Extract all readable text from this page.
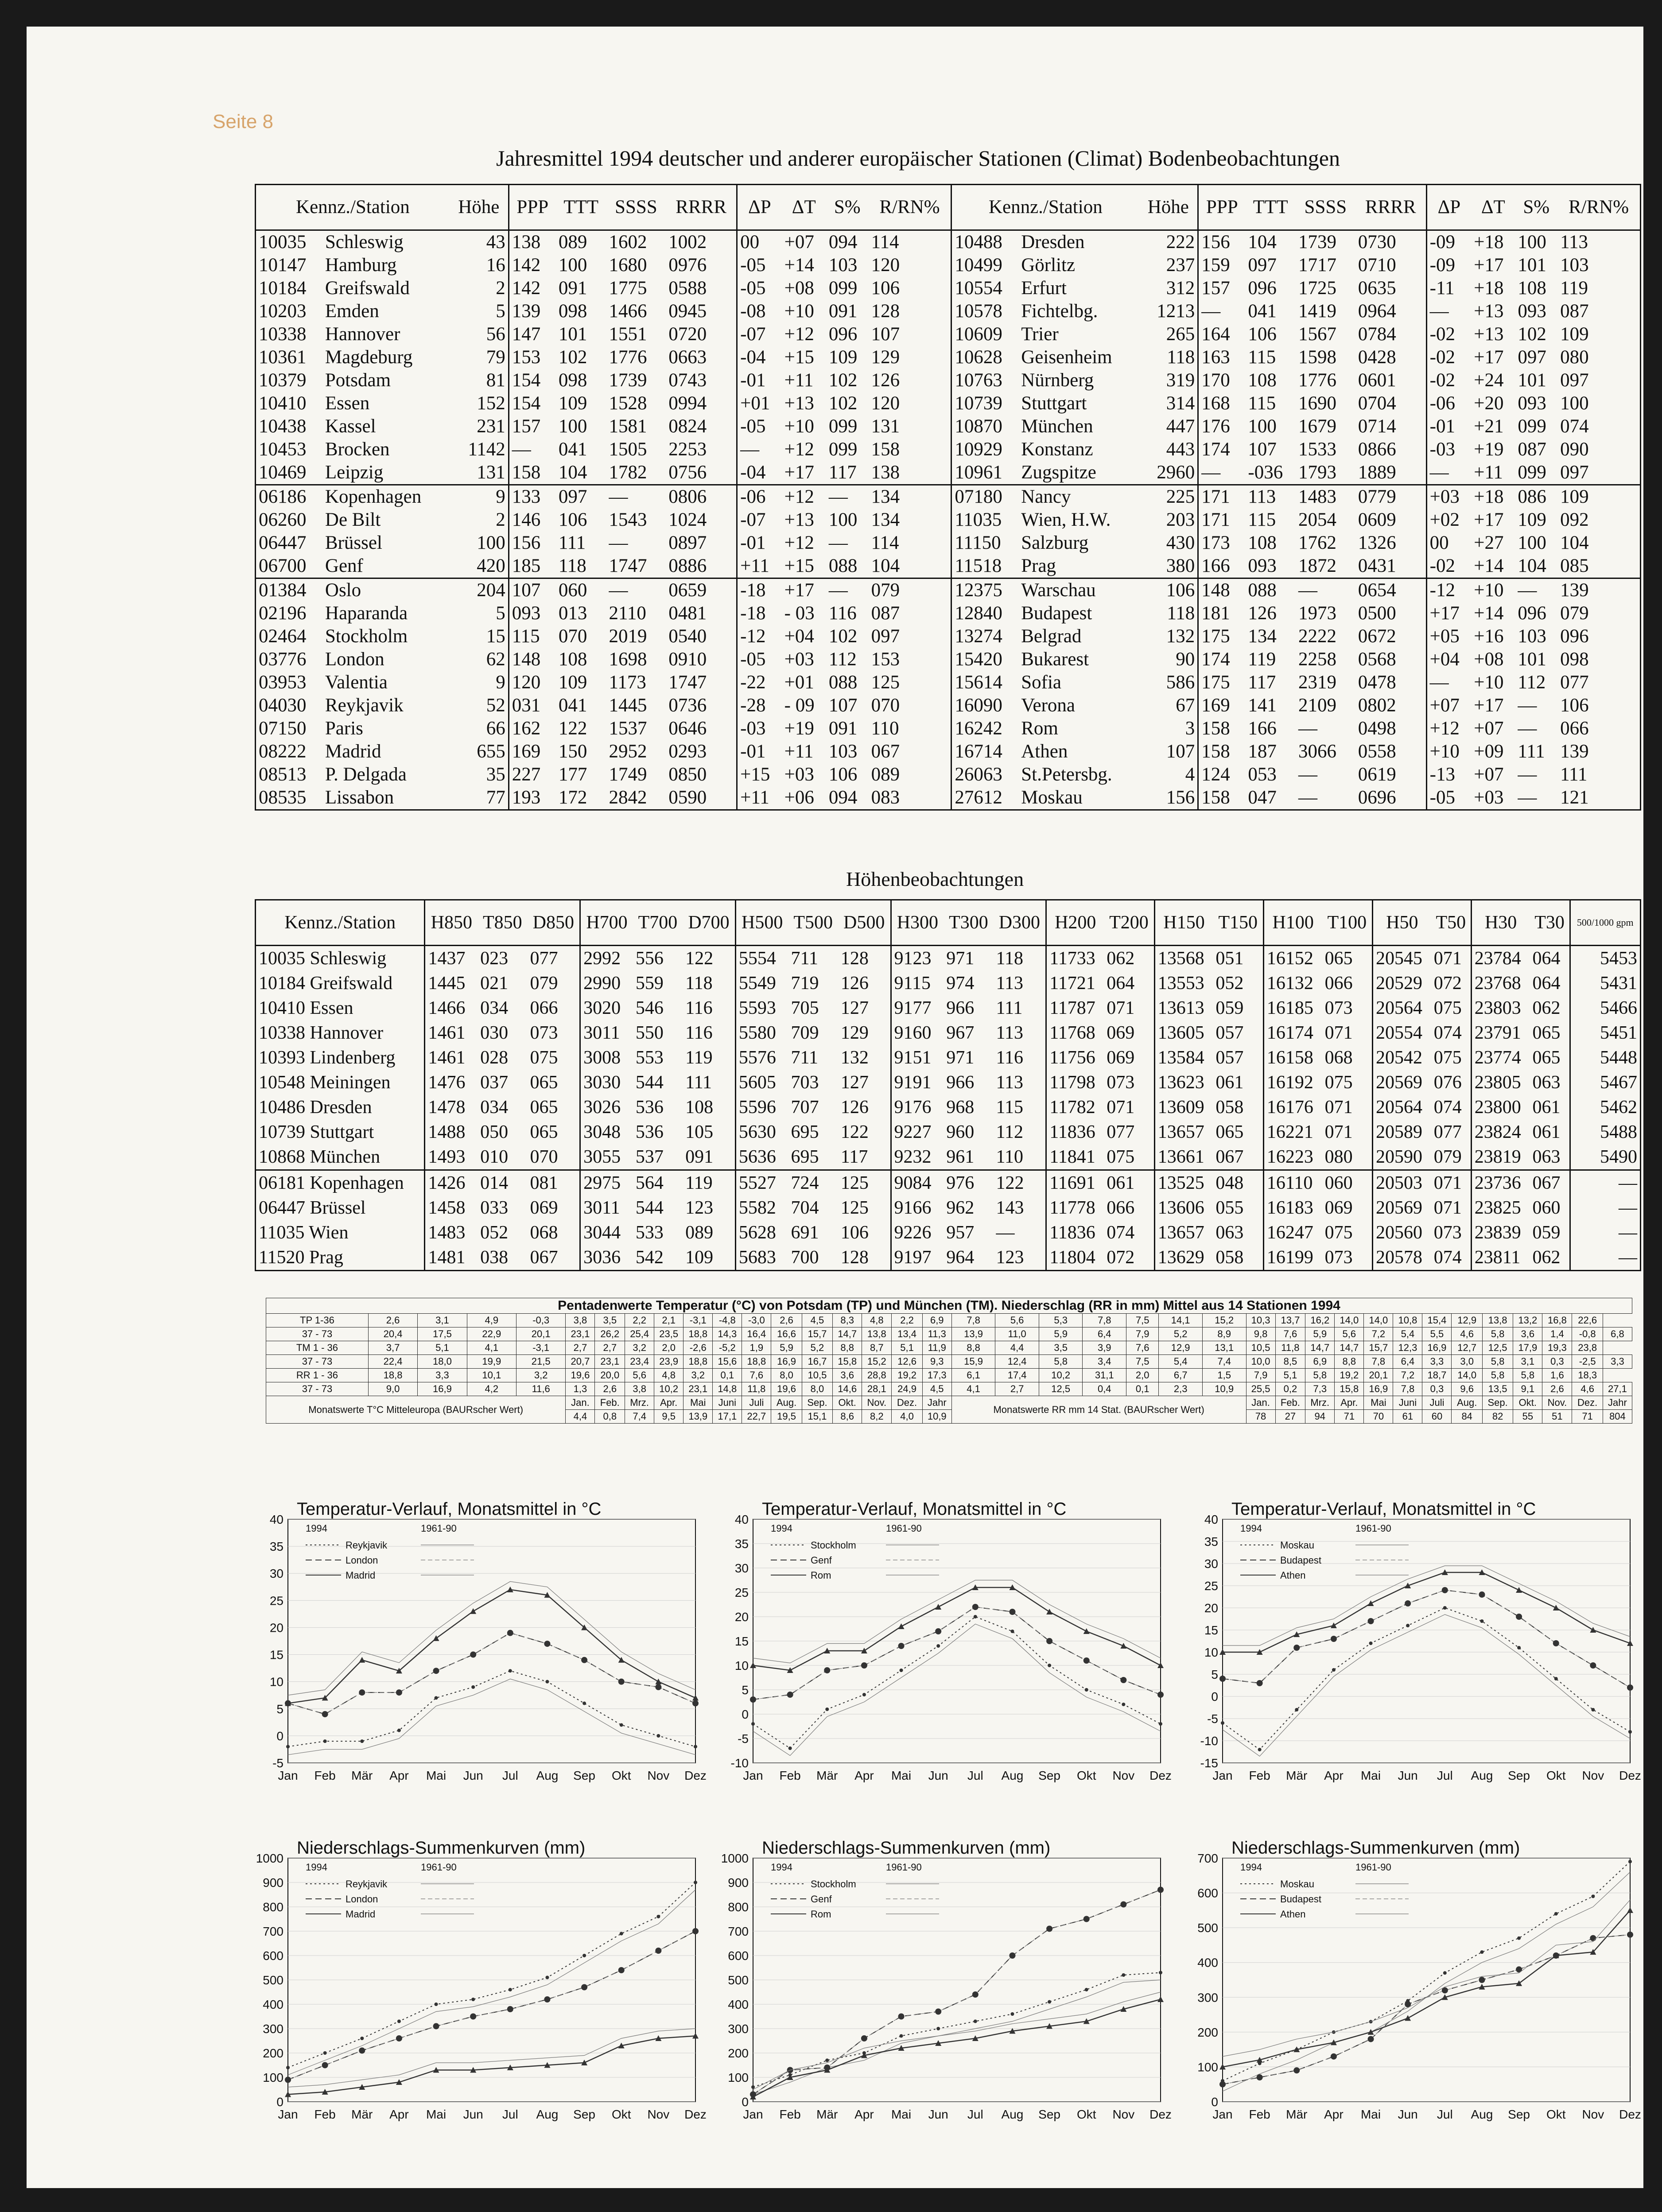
Seite 8
Jahresmittel 1994 deutscher und anderer europäischer Stationen (Climat) Bodenbeobachtungen
Kennz./Station		Höhe	PPP	TTT	SSSS	RRRR	ΔP	ΔT	S%	R/RN%	Kennz./Station		Höhe	PPP	TTT	SSSS	RRRR	ΔP	ΔT	S%	R/RN%
10035	Schleswig	43	138	089	1602	1002	00	+07	094	114	10488	Dresden	222	156	104	1739	0730	-09	+18	100	113
10147	Hamburg	16	142	100	1680	0976	-05	+14	103	120	10499	Görlitz	237	159	097	1717	0710	-09	+17	101	103
10184	Greifswald	2	142	091	1775	0588	-05	+08	099	106	10554	Erfurt	312	157	096	1725	0635	-11	+18	108	119
10203	Emden	5	139	098	1466	0945	-08	+10	091	128	10578	Fichtelbg.	1213	—	041	1419	0964	—	+13	093	087
10338	Hannover	56	147	101	1551	0720	-07	+12	096	107	10609	Trier	265	164	106	1567	0784	-02	+13	102	109
10361	Magdeburg	79	153	102	1776	0663	-04	+15	109	129	10628	Geisenheim	118	163	115	1598	0428	-02	+17	097	080
10379	Potsdam	81	154	098	1739	0743	-01	+11	102	126	10763	Nürnberg	319	170	108	1776	0601	-02	+24	101	097
10410	Essen	152	154	109	1528	0994	+01	+13	102	120	10739	Stuttgart	314	168	115	1690	0704	-06	+20	093	100
10438	Kassel	231	157	100	1581	0824	-05	+10	099	131	10870	München	447	176	100	1679	0714	-01	+21	099	074
10453	Brocken	1142	—	041	1505	2253	—	+12	099	158	10929	Konstanz	443	174	107	1533	0866	-03	+19	087	090
10469	Leipzig	131	158	104	1782	0756	-04	+17	117	138	10961	Zugspitze	2960	—	-036	1793	1889	—	+11	099	097
06186	Kopenhagen	9	133	097	—	0806	-06	+12	—	134	07180	Nancy	225	171	113	1483	0779	+03	+18	086	109
06260	De Bilt	2	146	106	1543	1024	-07	+13	100	134	11035	Wien, H.W.	203	171	115	2054	0609	+02	+17	109	092
06447	Brüssel	100	156	111	—	0897	-01	+12	—	114	11150	Salzburg	430	173	108	1762	1326	00	+27	100	104
06700	Genf	420	185	118	1747	0886	+11	+15	088	104	11518	Prag	380	166	093	1872	0431	-02	+14	104	085
01384	Oslo	204	107	060	—	0659	-18	+17	—	079	12375	Warschau	106	148	088	—	0654	-12	+10	—	139
02196	Haparanda	5	093	013	2110	0481	-18	- 03	116	087	12840	Budapest	118	181	126	1973	0500	+17	+14	096	079
02464	Stockholm	15	115	070	2019	0540	-12	+04	102	097	13274	Belgrad	132	175	134	2222	0672	+05	+16	103	096
03776	London	62	148	108	1698	0910	-05	+03	112	153	15420	Bukarest	90	174	119	2258	0568	+04	+08	101	098
03953	Valentia	9	120	109	1173	1747	-22	+01	088	125	15614	Sofia	586	175	117	2319	0478	—	+10	112	077
04030	Reykjavik	52	031	041	1445	0736	-28	- 09	107	070	16090	Verona	67	169	141	2109	0802	+07	+17	—	106
07150	Paris	66	162	122	1537	0646	-03	+19	091	110	16242	Rom	3	158	166	—	0498	+12	+07	—	066
08222	Madrid	655	169	150	2952	0293	-01	+11	103	067	16714	Athen	107	158	187	3066	0558	+10	+09	111	139
08513	P. Delgada	35	227	177	1749	0850	+15	+03	106	089	26063	St.Petersbg.	4	124	053	—	0619	-13	+07	—	111
08535	Lissabon	77	193	172	2842	0590	+11	+06	094	083	27612	Moskau	156	158	047	—	0696	-05	+03	—	121
Höhenbeobachtungen
Kennz./Station	H850	T850	D850	H700	T700	D700	H500	T500	D500	H300	T300	D300	H200	T200	H150	T150	H100	T100	H50	T50	H30	T30	500/1000 gpm
10035 Schleswig	1437	023	077	2992	556	122	5554	711	128	9123	971	118	11733	062	13568	051	16152	065	20545	071	23784	064	5453
10184 Greifswald	1445	021	079	2990	559	118	5549	719	126	9115	974	113	11721	064	13553	052	16132	066	20529	072	23768	064	5431
10410 Essen	1466	034	066	3020	546	116	5593	705	127	9177	966	111	11787	071	13613	059	16185	073	20564	075	23803	062	5466
10338 Hannover	1461	030	073	3011	550	116	5580	709	129	9160	967	113	11768	069	13605	057	16174	071	20554	074	23791	065	5451
10393 Lindenberg	1461	028	075	3008	553	119	5576	711	132	9151	971	116	11756	069	13584	057	16158	068	20542	075	23774	065	5448
10548 Meiningen	1476	037	065	3030	544	111	5605	703	127	9191	966	113	11798	073	13623	061	16192	075	20569	076	23805	063	5467
10486 Dresden	1478	034	065	3026	536	108	5596	707	126	9176	968	115	11782	071	13609	058	16176	071	20564	074	23800	061	5462
10739 Stuttgart	1488	050	065	3048	536	105	5630	695	122	9227	960	112	11836	077	13657	065	16221	071	20589	077	23824	061	5488
10868 München	1493	010	070	3055	537	091	5636	695	117	9232	961	110	11841	075	13661	067	16223	080	20590	079	23819	063	5490
06181 Kopenhagen	1426	014	081	2975	564	119	5527	724	125	9084	976	122	11691	061	13525	048	16110	060	20503	071	23736	067	—
06447 Brüssel	1458	033	069	3011	544	123	5582	704	125	9166	962	143	11778	066	13606	055	16183	069	20569	071	23825	060	—
11035 Wien	1483	052	068	3044	533	089	5628	691	106	9226	957	—	11836	074	13657	063	16247	075	20560	073	23839	059	—
11520 Prag	1481	038	067	3036	542	109	5683	700	128	9197	964	123	11804	072	13629	058	16199	073	20578	074	23811	062	—
Pentadenwerte Temperatur (°C) von Potsdam (TP) und München (TM). Niederschlag (RR in mm) Mittel aus 14 Stationen 1994																																					
TP 1-36	2,6	3,1	4,9	-0,3	3,8	3,5	2,2	2,1	-3,1	-4,8	-3,0	2,6	4,5	8,3	4,8	2,2	6,9	7,8	5,6	5,3	7,8	7,5	14,1	15,2	10,3	13,7	16,2	14,0	14,0	10,8	15,4	12,9	13,8	13,2	16,8	22,6	
37 - 73	20,4	17,5	22,9	20,1	23,1	26,2	25,4	23,5	18,8	14,3	16,4	16,6	15,7	14,7	13,8	13,4	11,3	13,9	11,0	5,9	6,4	7,9	5,2	8,9	9,8	7,6	5,9	5,6	7,2	5,4	5,5	4,6	5,8	3,6	1,4	-0,8	6,8
TM 1 - 36	3,7	5,1	4,1	-3,1	2,7	2,7	3,2	2,0	-2,6	-5,2	1,9	5,9	5,2	8,8	8,7	5,1	11,9	8,8	4,4	3,5	3,9	7,6	12,9	13,1	10,5	11,8	14,7	14,7	15,7	12,3	16,9	12,7	12,5	17,9	19,3	23,8	
37 - 73	22,4	18,0	19,9	21,5	20,7	23,1	23,4	23,9	18,8	15,6	18,8	16,9	16,7	15,8	15,2	12,6	9,3	15,9	12,4	5,8	3,4	7,5	5,4	7,4	10,0	8,5	6,9	8,8	7,8	6,4	3,3	3,0	5,8	3,1	0,3	-2,5	3,3
RR 1 - 36	18,8	3,3	10,1	3,2	19,6	20,0	5,6	4,8	3,2	0,1	7,6	8,0	10,5	3,6	28,8	19,2	17,3	6,1	17,4	10,2	31,1	2,0	6,7	1,5	7,9	5,1	5,8	19,2	20,1	7,2	18,7	14,0	5,8	5,8	1,6	18,3	
37 - 73	9,0	16,9	4,2	11,6	1,3	2,6	3,8	10,2	23,1	14,8	11,8	19,6	8,0	14,6	28,1	24,9	4,5	4,1	2,7	12,5	0,4	0,1	2,3	10,9	25,5	0,2	7,3	15,8	16,9	7,8	0,3	9,6	13,5	9,1	2,6	4,6	27,1
Monatswerte T°C Mitteleuropa (BAURscher Wert)					Jan.	Feb.	Mrz.	Apr.	Mai	Juni	Juli	Aug.	Sep.	Okt.	Nov.	Dez.	Jahr	Monatswerte RR mm 14 Stat. (BAURscher Wert)							Jan.	Feb.	Mrz.	Apr.	Mai	Juni	Juli	Aug.	Sep.	Okt.	Nov.	Dez.	Jahr
					4,4	0,8	7,4	9,5	13,9	17,1	22,7	19,5	15,1	8,6	8,2	4,0	10,9								78	27	94	71	70	61	60	84	82	55	51	71	804
Temperatur-Verlauf, Monatsmittel in °C
-5
0
5
10
15
20
25
30
35
40
Jan Feb Mär Apr Mai Jun Jul Aug Sep Okt Nov Dez
1994	1961-90
Reykjavik
London
Madrid
Temperatur-Verlauf, Monatsmittel in °C
-10
-5
0
5
10
15
20
25
30
35
40
Jan Feb Mär Apr Mai Jun Jul Aug Sep Okt Nov Dez
1994	1961-90
Stockholm
Genf
Rom
Temperatur-Verlauf, Monatsmittel in °C
-15
-10
-5
0
5
10
15
20
25
30
35
40
Jan Feb Mär Apr Mai Jun Jul Aug Sep Okt Nov Dez
1994	1961-90
Moskau
Budapest
Athen
Niederschlags-Summenkurven (mm)
0
100
200
300
400
500
600
700
800
900
1000
Jan Feb Mär Apr Mai Jun Jul Aug Sep Okt Nov Dez
1994	1961-90
Reykjavik
London
Madrid
Niederschlags-Summenkurven (mm)
0
100
200
300
400
500
600
700
800
900
1000
Jan Feb Mär Apr Mai Jun Jul Aug Sep Okt Nov Dez
1994	1961-90
Stockholm
Genf
Rom
Niederschlags-Summenkurven (mm)
0
100
200
300
400
500
600
700
Jan Feb Mär Apr Mai Jun Jul Aug Sep Okt Nov Dez
1994	1961-90
Moskau
Budapest
Athen
